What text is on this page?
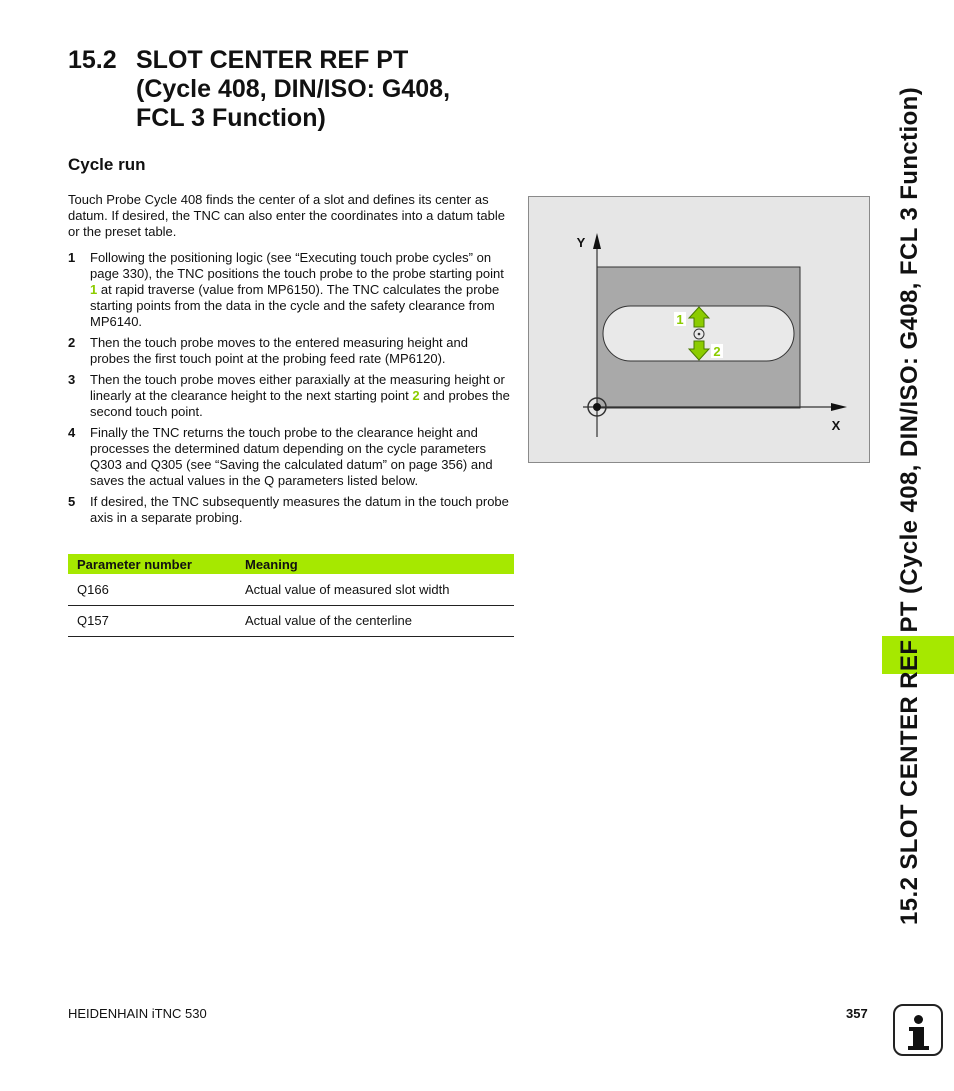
15.2 SLOT CENTER REF PT
(Cycle 408, DIN/ISO: G408,
FCL 3 Function)
Cycle run

Touch Probe Cycle 408 finds the center of a slot and defines its center as datum. If desired, the TNC can also enter the coordinates into a datum table or the preset table.

1 Following the positioning logic (see “Executing touch probe cycles” on page 330), the TNC positions the touch probe to the probe starting point 1 at rapid traverse (value from MP6150). The TNC calculates the probe starting points from the data in the cycle and the safety clearance from MP6140.
2 Then the touch probe moves to the entered measuring height and probes the first touch point at the probing feed rate (MP6120).
3 Then the touch probe moves either paraxially at the measuring height or linearly at the clearance height to the next starting point 2 and probes the second touch point.
4 Finally the TNC returns the touch probe to the clearance height and processes the determined datum depending on the cycle parameters Q303 and Q305 (see “Saving the calculated datum” on page 356) and saves the actual values in the Q parameters listed below.
5 If desired, the TNC subsequently measures the datum in the touch probe axis in a separate probing.
Parameter number	Meaning
Q166	Actual value of measured slot width
Q157	Actual value of the centerline
1
2
Y
X 15.2 SLOT CENTER REF PT (Cycle 408, DIN/ISO: G408, FCL 3 Function)
HEIDENHAIN iTNC 530	357
